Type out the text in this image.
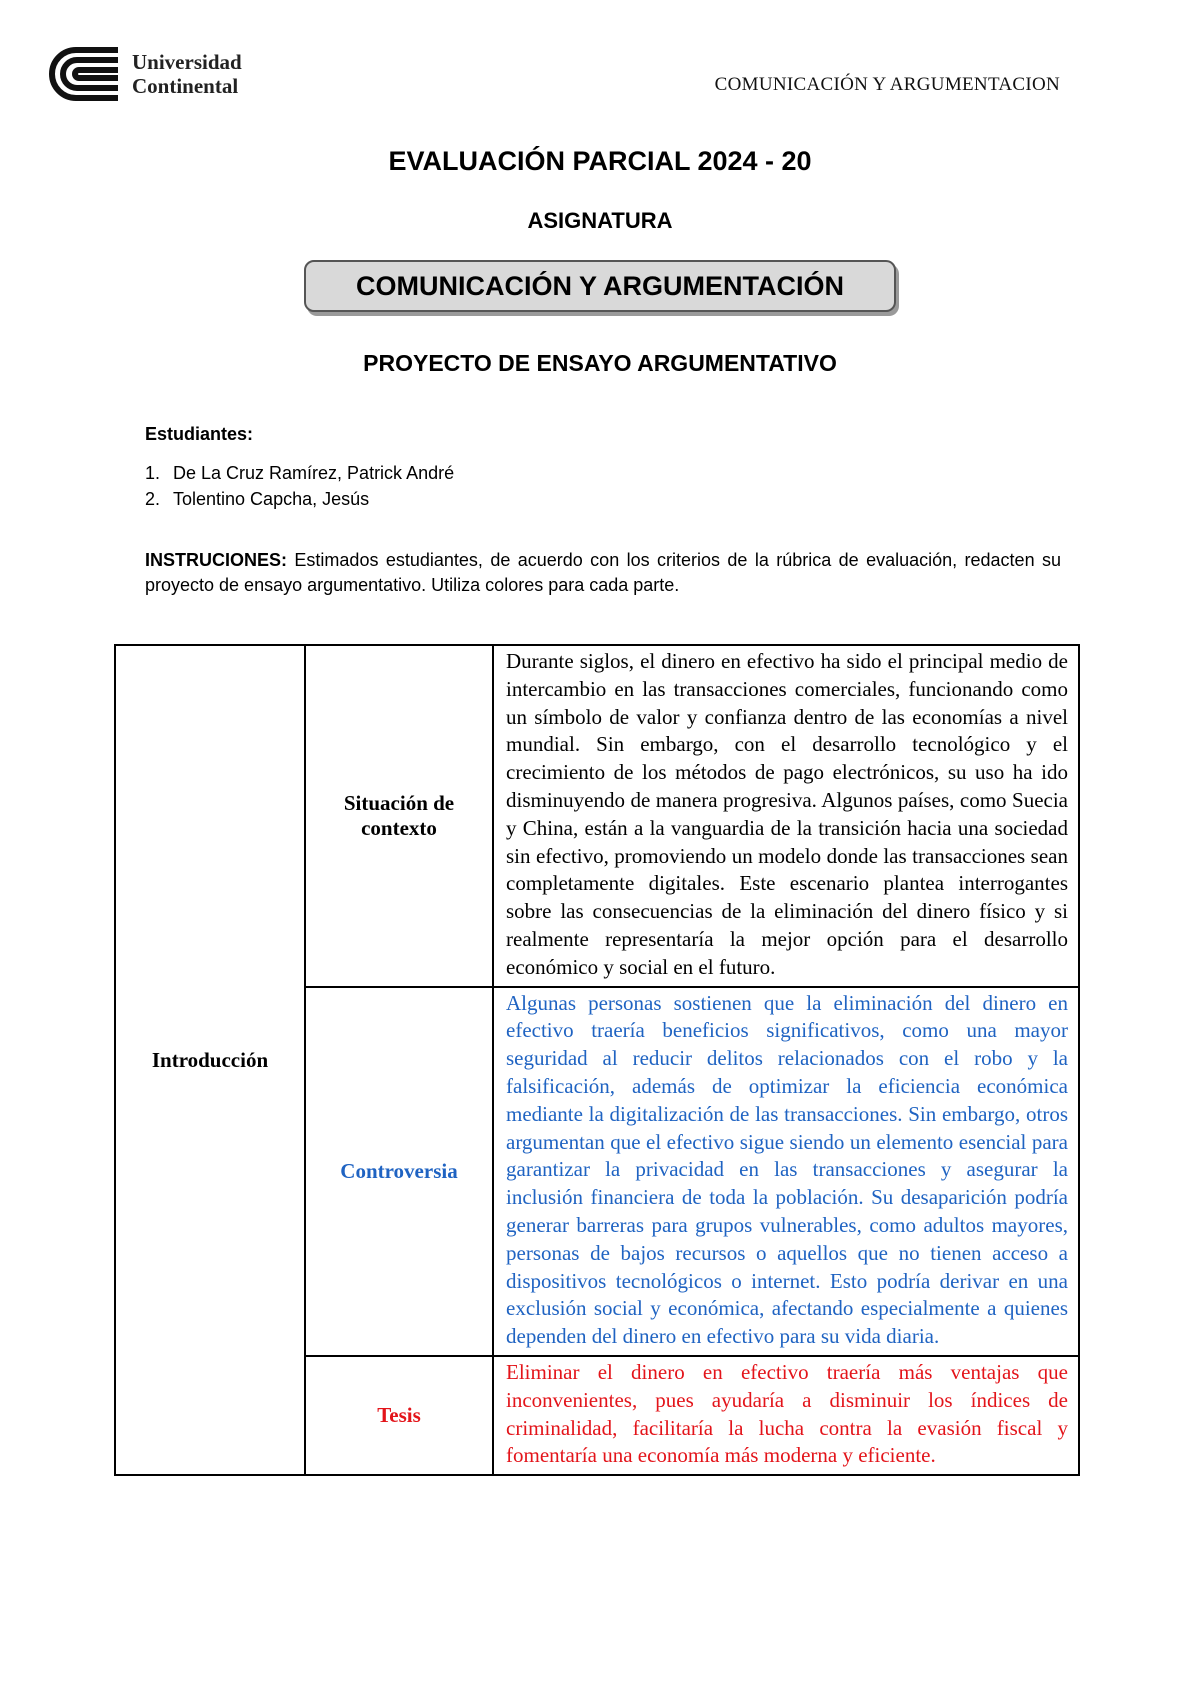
Universidad
Continental	COMUNICACIÓN Y ARGUMENTACION
EVALUACIÓN PARCIAL 2024 - 20
ASIGNATURA
COMUNICACIÓN Y ARGUMENTACIÓN
PROYECTO DE ENSAYO ARGUMENTATIVO
Estudiantes:
1. De La Cruz Ramírez, Patrick André
2. Tolentino Capcha, Jesús
INSTRUCIONES: Estimados estudiantes, de acuerdo con los criterios de la rúbrica de evaluación, redacten su proyecto de ensayo argumentativo. Utiliza colores para cada parte.
Introducción	Situación de contexto	Durante siglos, el dinero en efectivo ha sido el principal medio de intercambio en las transacciones comerciales, funcionando como un símbolo de valor y confianza dentro de las economías a nivel mundial. Sin embargo, con el desarrollo tecnológico y el crecimiento de los métodos de pago electrónicos, su uso ha ido disminuyendo de manera progresiva. Algunos países, como Suecia y China, están a la vanguardia de la transición hacia una sociedad sin efectivo, promoviendo un modelo donde las transacciones sean completamente digitales. Este escenario plantea interrogantes sobre las consecuencias de la eliminación del dinero físico y si realmente representaría la mejor opción para el desarrollo económico y social en el futuro.
	Controversia	Algunas personas sostienen que la eliminación del dinero en efectivo traería beneficios significativos, como una mayor seguridad al reducir delitos relacionados con el robo y la falsificación, además de optimizar la eficiencia económica mediante la digitalización de las transacciones. Sin embargo, otros argumentan que el efectivo sigue siendo un elemento esencial para garantizar la privacidad en las transacciones y asegurar la inclusión financiera de toda la población. Su desaparición podría generar barreras para grupos vulnerables, como adultos mayores, personas de bajos recursos o aquellos que no tienen acceso a dispositivos tecnológicos o internet. Esto podría derivar en una exclusión social y económica, afectando especialmente a quienes dependen del dinero en efectivo para su vida diaria.
	Tesis	Eliminar el dinero en efectivo traería más ventajas que inconvenientes, pues ayudaría a disminuir los índices de criminalidad, facilitaría la lucha contra la evasión fiscal y fomentaría una economía más moderna y eficiente.
